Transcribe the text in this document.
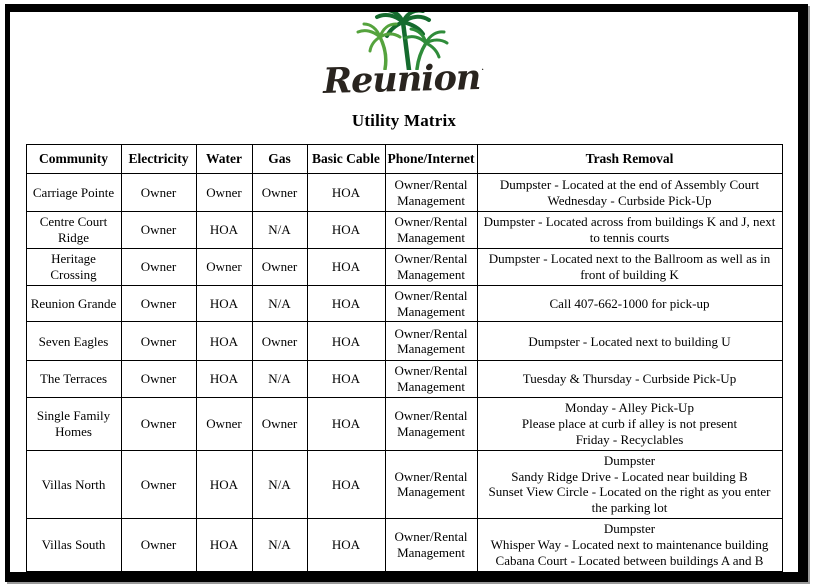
Reunion·
Utility Matrix
Community	Electricity	Water	Gas	Basic Cable	Phone/Internet	Trash Removal
Carriage Pointe	Owner	Owner	Owner	HOA	Owner/Rental Management	Dumpster - Located at the end of Assembly Court
Wednesday - Curbside Pick-Up

Centre Court Ridge	Owner	HOA	N/A	HOA	Owner/Rental Management	Dumpster - Located across from buildings K and J, next to tennis courts

Heritage Crossing	Owner	Owner	Owner	HOA	Owner/Rental Management	Dumpster - Located next to the Ballroom as well as in front of building K

Reunion Grande	Owner	HOA	N/A	HOA	Owner/Rental Management	Call 407-662-1000 for pick-up

Seven Eagles	Owner	HOA	Owner	HOA	Owner/Rental Management	Dumpster - Located next to building U

The Terraces	Owner	HOA	N/A	HOA	Owner/Rental Management	Tuesday & Thursday - Curbside Pick-Up

Single Family Homes	Owner	Owner	Owner	HOA	Owner/Rental Management	Monday - Alley Pick-Up
Please place at curb if alley is not present
Friday - Recyclables

Villas North	Owner	HOA	N/A	HOA	Owner/Rental Management	Dumpster
Sandy Ridge Drive - Located near building B
Sunset View Circle - Located on the right as you enter the parking lot

Villas South	Owner	HOA	N/A	HOA	Owner/Rental Management	Dumpster
Whisper Way - Located next to maintenance building
Cabana Court - Located between buildings A and B
